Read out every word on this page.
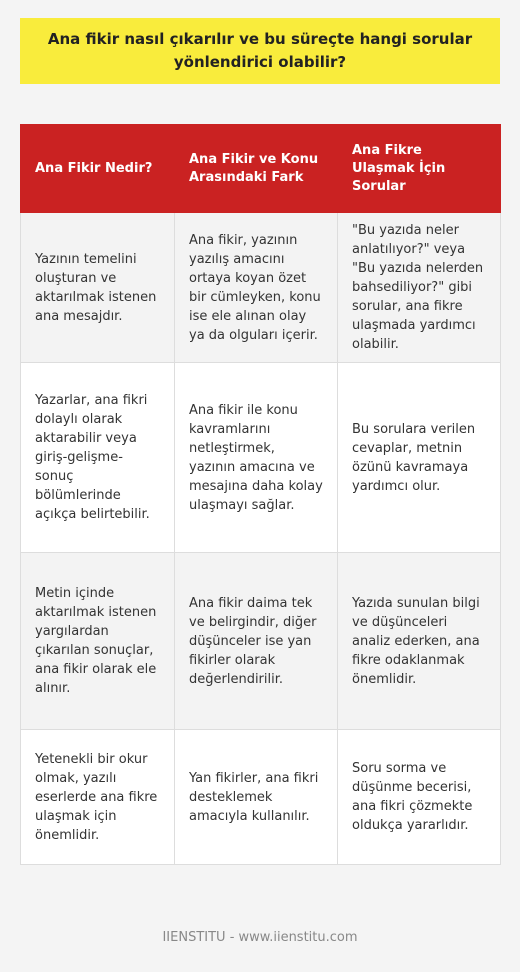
Ana fikir nasıl çıkarılır ve bu süreçte hangi sorular yönlendirici olabilir?
Ana Fikir Nedir?	Ana Fikir ve Konu Arasındaki Fark	Ana Fikre Ulaşmak İçin Sorular
Yazının temelini oluşturan ve aktarılmak istenen ana mesajdır.	Ana fikir, yazının yazılış amacını ortaya koyan özet bir cümleyken, konu ise ele alınan olay ya da olguları içerir.	"Bu yazıda neler anlatılıyor?" veya "Bu yazıda nelerden bahsediliyor?" gibi sorular, ana fikre ulaşmada yardımcı olabilir.
Yazarlar, ana fikri dolaylı olarak aktarabilir veya giriş-gelişme-sonuç bölümlerinde açıkça belirtebilir.	Ana fikir ile konu kavramlarını netleştirmek, yazının amacına ve mesajına daha kolay ulaşmayı sağlar.	Bu sorulara verilen cevaplar, metnin özünü kavramaya yardımcı olur.
Metin içinde aktarılmak istenen yargılardan çıkarılan sonuçlar, ana fikir olarak ele alınır.	Ana fikir daima tek ve belirgindir, diğer düşünceler ise yan fikirler olarak değerlendirilir.	Yazıda sunulan bilgi ve düşünceleri analiz ederken, ana fikre odaklanmak önemlidir.
Yetenekli bir okur olmak, yazılı eserlerde ana fikre ulaşmak için önemlidir.	Yan fikirler, ana fikri desteklemek amacıyla kullanılır.	Soru sorma ve düşünme becerisi, ana fikri çözmekte oldukça yararlıdır.
IIENSTITU - www.iienstitu.com
